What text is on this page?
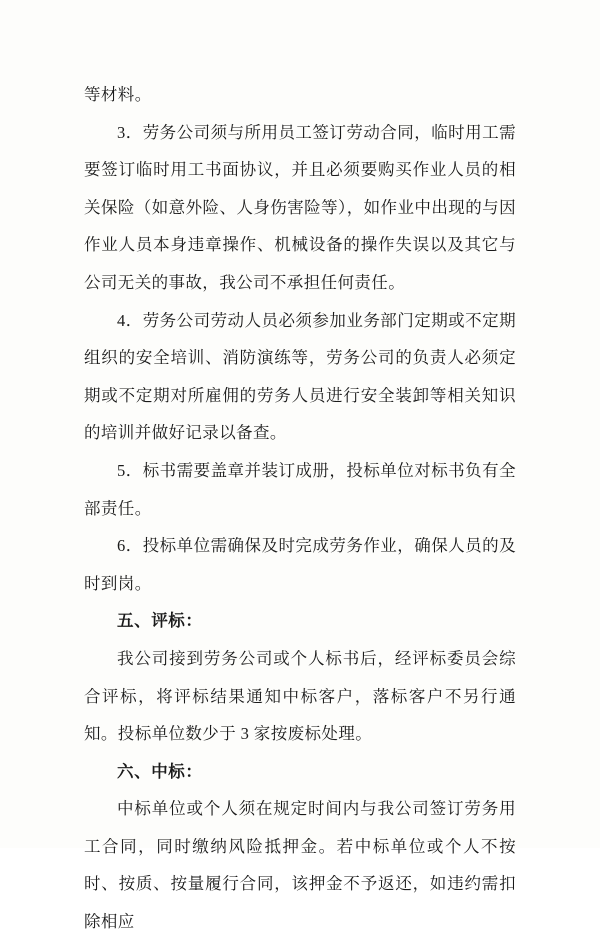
等材料。

3．劳务公司须与所用员工签订劳动合同，临时用工需要签订临时用工书面协议，并且必须要购买作业人员的相关保险（如意外险、人身伤害险等），如作业中出现的与因作业人员本身违章操作、机械设备的操作失误以及其它与公司无关的事故，我公司不承担任何责任。

4．劳务公司劳动人员必须参加业务部门定期或不定期组织的安全培训、消防演练等，劳务公司的负责人必须定期或不定期对所雇佣的劳务人员进行安全装卸等相关知识的培训并做好记录以备查。

5．标书需要盖章并装订成册，投标单位对标书负有全部责任。

6．投标单位需确保及时完成劳务作业，确保人员的及时到岗。

五、评标：

我公司接到劳务公司或个人标书后，经评标委员会综合评标，将评标结果通知中标客户，落标客户不另行通知。投标单位数少于 3 家按废标处理。

六、中标：

中标单位或个人须在规定时间内与我公司签订劳务用工合同，同时缴纳风险抵押金。若中标单位或个人不按时、按质、按量履行合同，该押金不予返还，如违约需扣除相应
